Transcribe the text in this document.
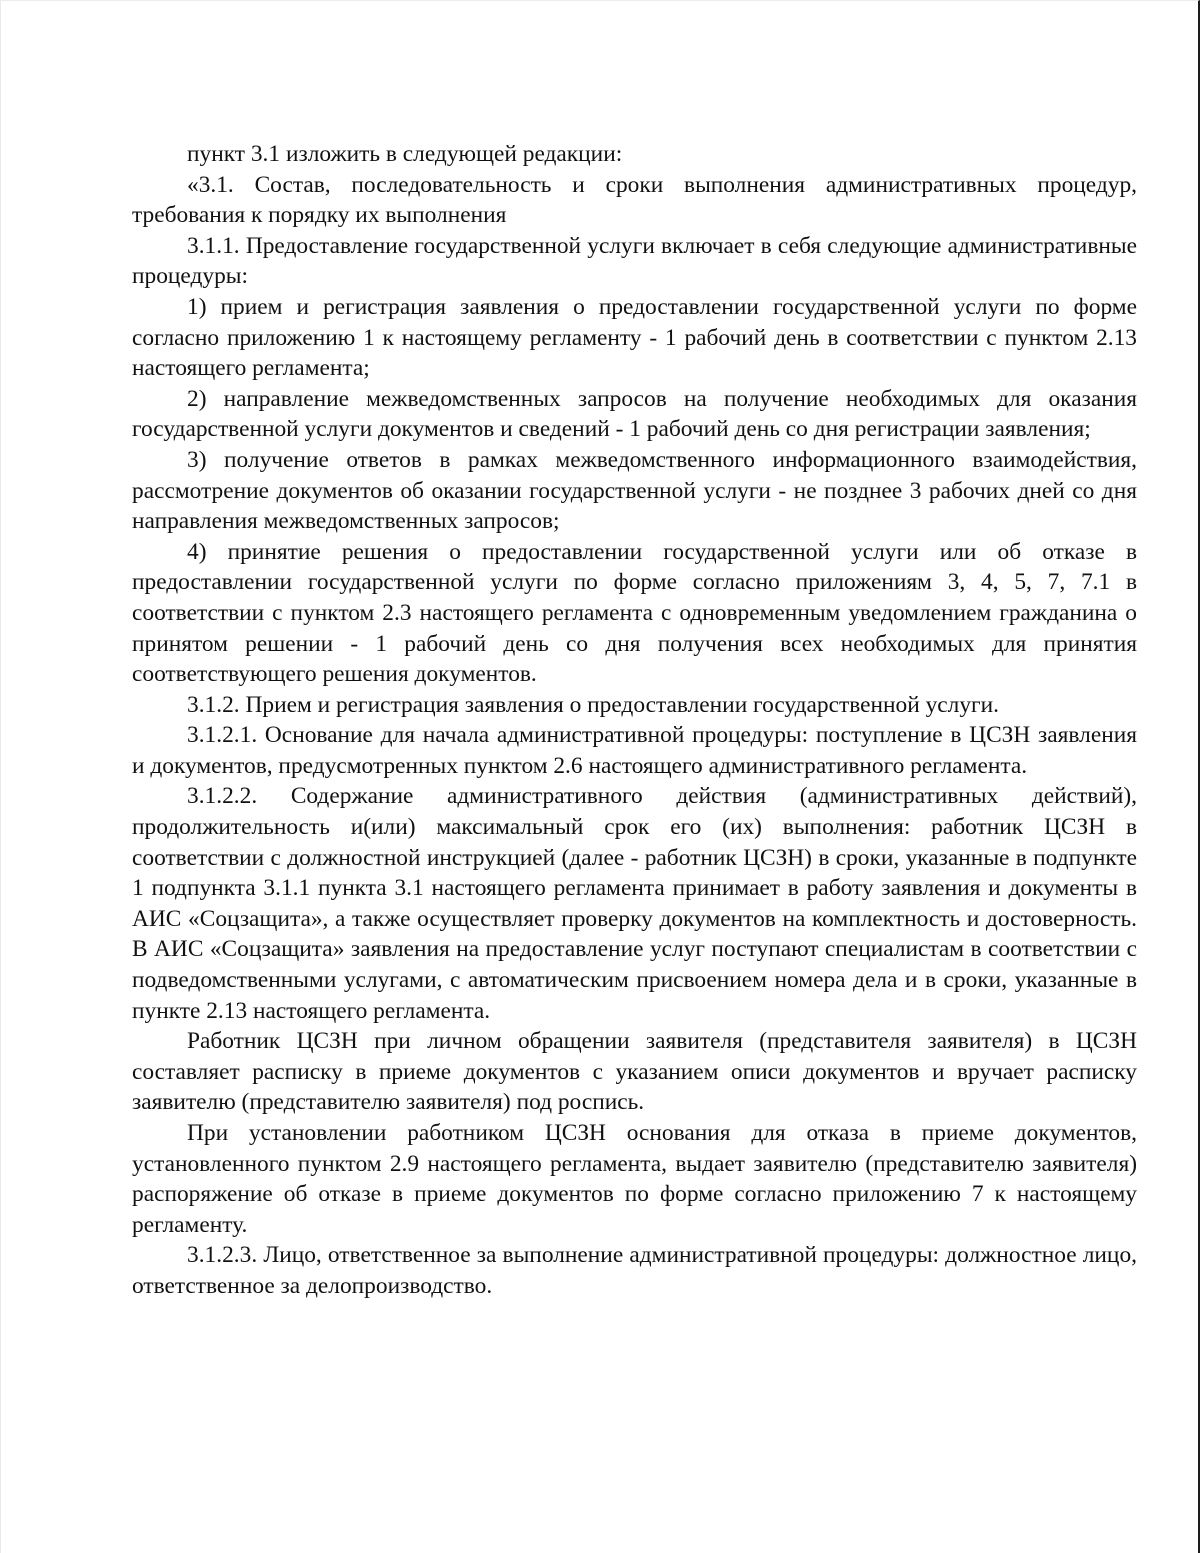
пункт 3.1 изложить в следующей редакции:

«3.1. Состав, последовательность и сроки выполнения административных процедур, требования к порядку их выполнения

3.1.1. Предоставление государственной услуги включает в себя следующие административные процедуры:

1) прием и регистрация заявления о предоставлении государственной услуги по форме согласно приложению 1 к настоящему регламенту - 1 рабочий день в соответствии с пунктом 2.13 настоящего регламента;

2) направление межведомственных запросов на получение необходимых для оказания государственной услуги документов и сведений - 1 рабочий день со дня регистрации заявления;

3) получение ответов в рамках межведомственного информационного взаимодействия, рассмотрение документов об оказании государственной услуги - не позднее 3 рабочих дней со дня направления межведомственных запросов;

4) принятие решения о предоставлении государственной услуги или об отказе в предоставлении государственной услуги по форме согласно приложениям 3, 4, 5, 7, 7.1 в соответствии с пунктом 2.3 настоящего регламента с одновременным уведомлением гражданина о принятом решении - 1 рабочий день со дня получения всех необходимых для принятия соответствующего решения документов.

3.1.2. Прием и регистрация заявления о предоставлении государственной услуги.

3.1.2.1. Основание для начала административной процедуры: поступление в ЦСЗН заявления и документов, предусмотренных пунктом 2.6 настоящего административного регламента.

3.1.2.2. Содержание административного действия (административных действий), продолжительность и(или) максимальный срок его (их) выполнения: работник ЦСЗН в соответствии с должностной инструкцией (далее - работник ЦСЗН) в сроки, указанные в подпункте 1 подпункта 3.1.1 пункта 3.1 настоящего регламента принимает в работу заявления и документы в АИС «Соцзащита», а также осуществляет проверку документов на комплектность и достоверность. В АИС «Соцзащита» заявления на предоставление услуг поступают специалистам в соответствии с подведомственными услугами, с автоматическим присвоением номера дела и в сроки, указанные в пункте 2.13 настоящего регламента.

Работник ЦСЗН при личном обращении заявителя (представителя заявителя) в ЦСЗН составляет расписку в приеме документов с указанием описи документов и вручает расписку заявителю (представителю заявителя) под роспись.

При установлении работником ЦСЗН основания для отказа в приеме документов, установленного пунктом 2.9 настоящего регламента, выдает заявителю (представителю заявителя) распоряжение об отказе в приеме документов по форме согласно приложению 7 к настоящему регламенту.

3.1.2.3. Лицо, ответственное за выполнение административной процедуры: должностное лицо, ответственное за делопроизводство.
